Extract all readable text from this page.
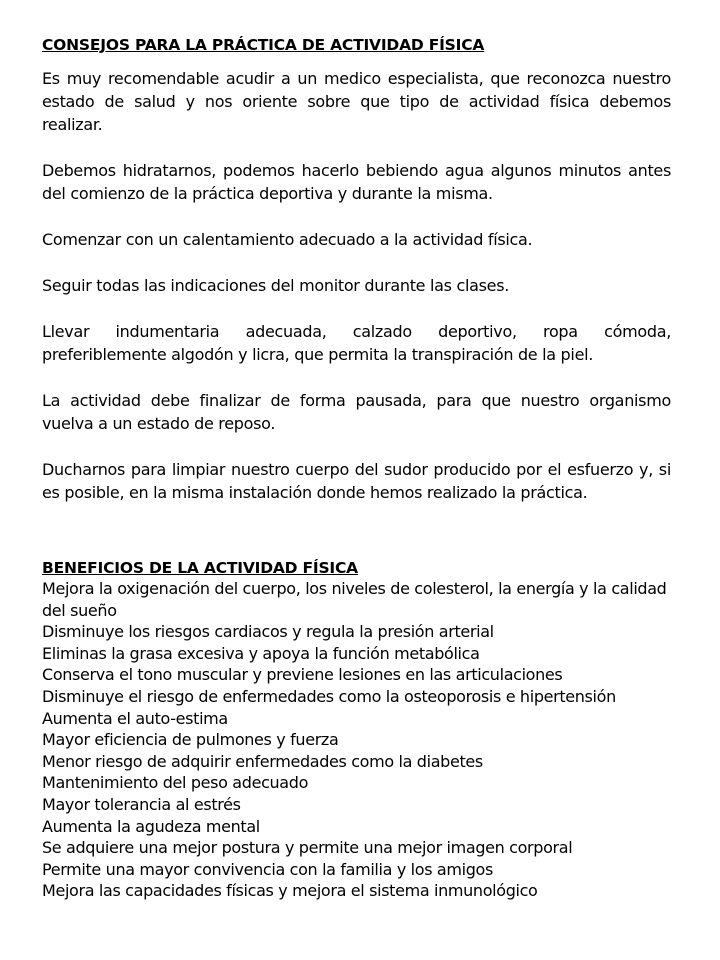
CONSEJOS PARA LA PRÁCTICA DE ACTIVIDAD FÍSICA

Es muy recomendable acudir a un medico especialista, que reconozca nuestro estado de salud y nos oriente sobre que tipo de actividad física debemos realizar.

Debemos hidratarnos, podemos hacerlo bebiendo agua algunos minutos antes del comienzo de la práctica deportiva y durante la misma.

Comenzar con un calentamiento adecuado a la actividad física.

Seguir todas las indicaciones del monitor durante las clases.

Llevar indumentaria adecuada, calzado deportivo, ropa cómoda, preferiblemente algodón y licra, que permita la transpiración de la piel.

La actividad debe finalizar de forma pausada, para que nuestro organismo vuelva a un estado de reposo.

Ducharnos para limpiar nuestro cuerpo del sudor producido por el esfuerzo y, si es posible, en la misma instalación donde hemos realizado la práctica.

BENEFICIOS DE LA ACTIVIDAD FÍSICA
Mejora la oxigenación del cuerpo, los niveles de colesterol, la energía y la calidad del sueño
Disminuye los riesgos cardiacos y regula la presión arterial
Eliminas la grasa excesiva y apoya la función metabólica
Conserva el tono muscular y previene lesiones en las articulaciones
Disminuye el riesgo de enfermedades como la osteoporosis e hipertensión
Aumenta el auto-estima
Mayor eficiencia de pulmones y fuerza
Menor riesgo de adquirir enfermedades como la diabetes
Mantenimiento del peso adecuado
Mayor tolerancia al estrés
Aumenta la agudeza mental
Se adquiere una mejor postura y permite una mejor imagen corporal
Permite una mayor convivencia con la familia y los amigos
Mejora las capacidades físicas y mejora el sistema inmunológico
